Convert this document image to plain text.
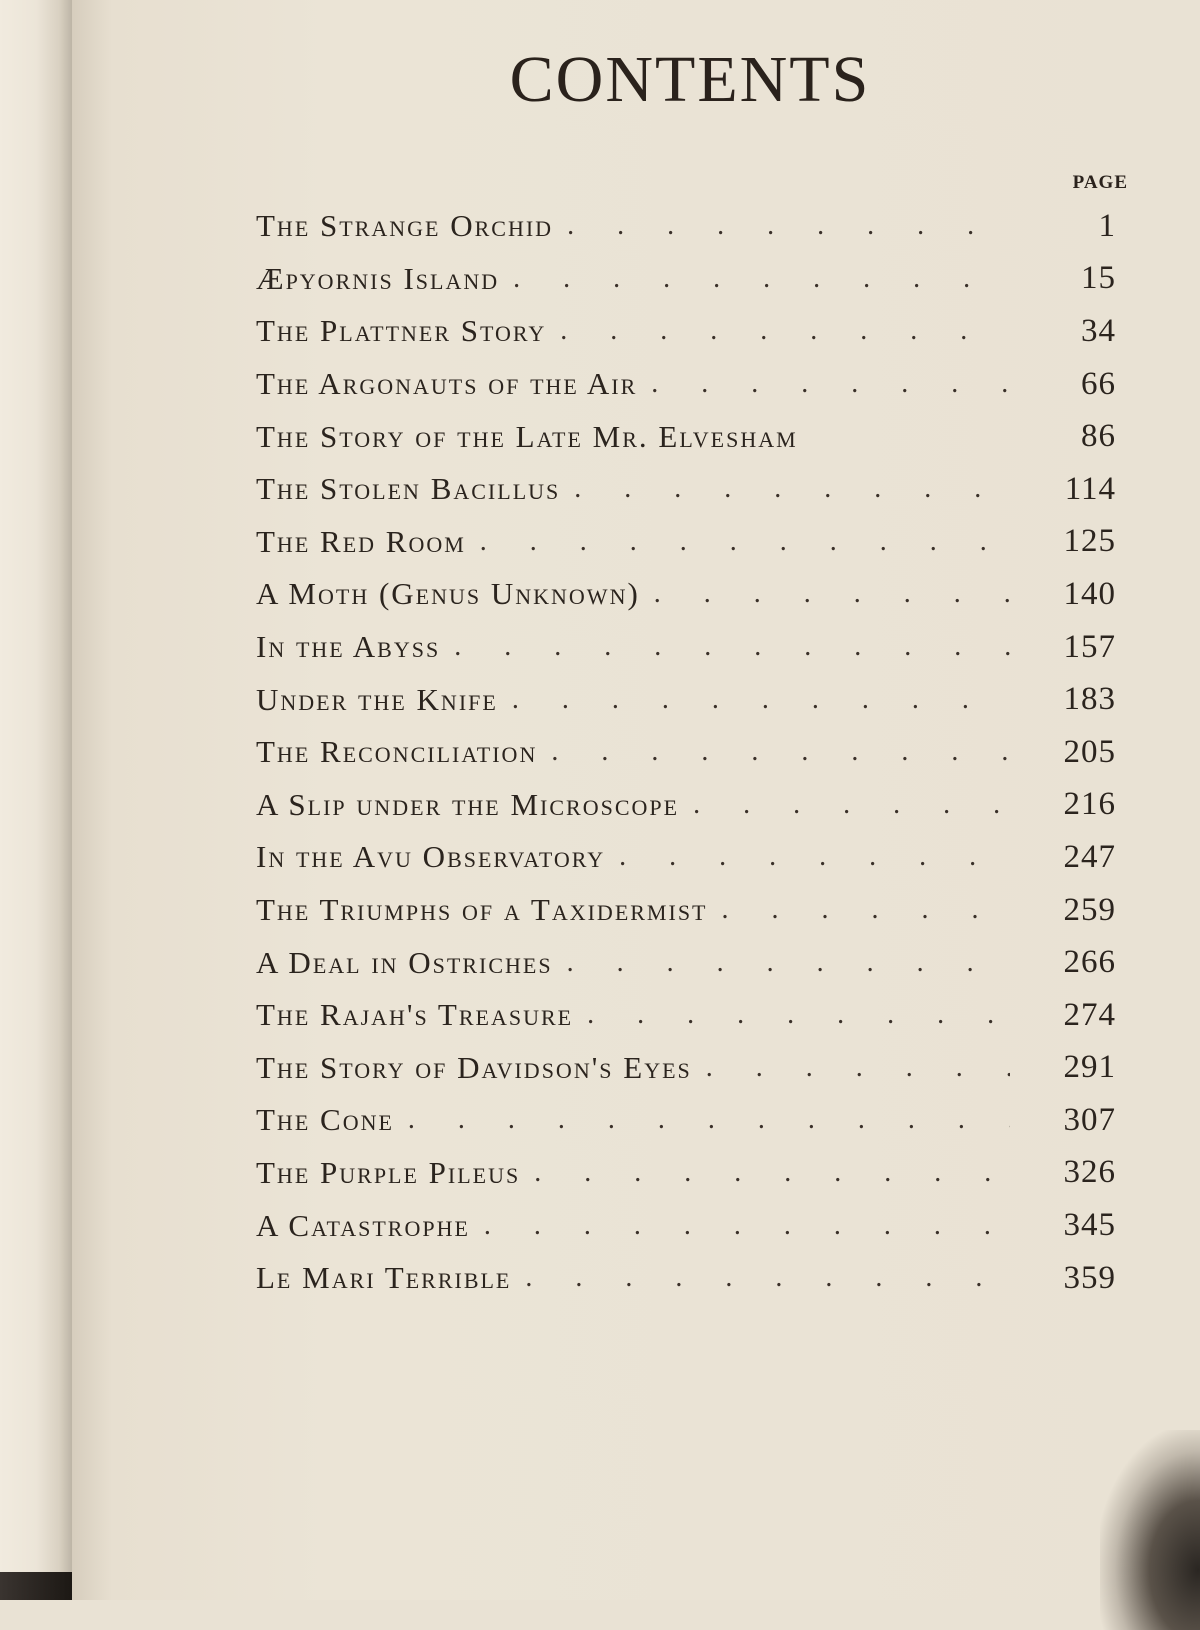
CONTENTS
PAGE
The Strange Orchid . . .	1
Æpyornis Island . . .	15
The Plattner Story . . .	34
The Argonauts of the Air . . .	66
The Story of the Late Mr. Elvesham	86
The Stolen Bacillus . . .	114
The Red Room . . .	125
A Moth (Genus Unknown) . . .	140
In the Abyss . . .	157
Under the Knife . . .	183
The Reconciliation . . .	205
A Slip under the Microscope . . .	216
In the Avu Observatory . . .	247
The Triumphs of a Taxidermist . . .	259
A Deal in Ostriches . . .	266
The Rajah's Treasure . . .	274
The Story of Davidson's Eyes . . .	291
The Cone . . .	307
The Purple Pileus . . .	326
A Catastrophe . . .	345
Le Mari Terrible . . .	359
